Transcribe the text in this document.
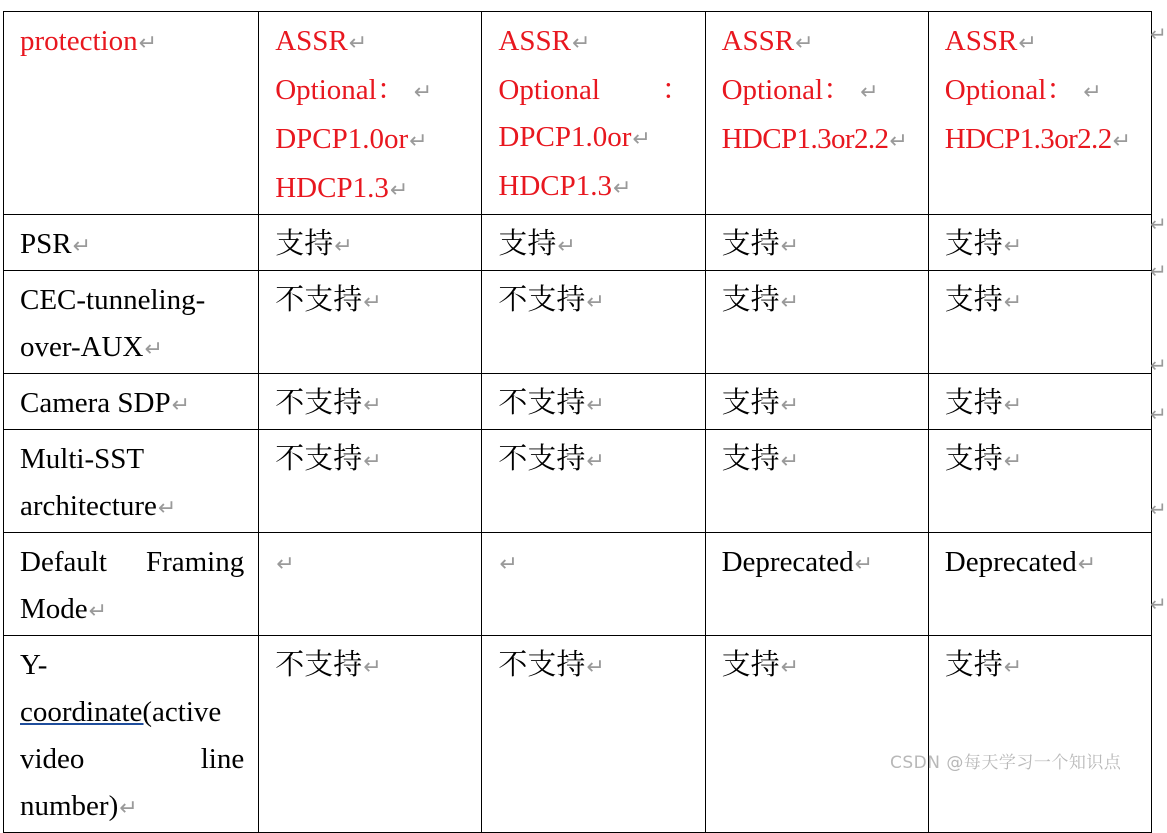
protection↵	ASSR↵
Optional： ↵
DPCP1.0or↵
HDCP1.3↵	ASSR↵

Optional ：
DPCP1.0or↵
HDCP1.3↵	ASSR↵
Optional： ↵
HDCP1.3or2.2↵	ASSR↵
Optional： ↵
HDCP1.3or2.2↵
PSR↵	支持↵	支持↵	支持↵	支持↵
CEC-tunneling-
over-AUX↵	不支持↵	不支持↵	支持↵	支持↵
Camera SDP↵	不支持↵	不支持↵	支持↵	支持↵
Multi-SST
architecture↵	不支持↵	不支持↵	支持↵	支持↵

Default Framing
Mode↵	↵	↵	Deprecated↵	Deprecated↵
Y-
coordinate(active

video line
number)↵	不支持↵	不支持↵	支持↵	支持↵
↵
↵
↵
↵
↵
↵
↵
CSDN @每天学习一个知识点
